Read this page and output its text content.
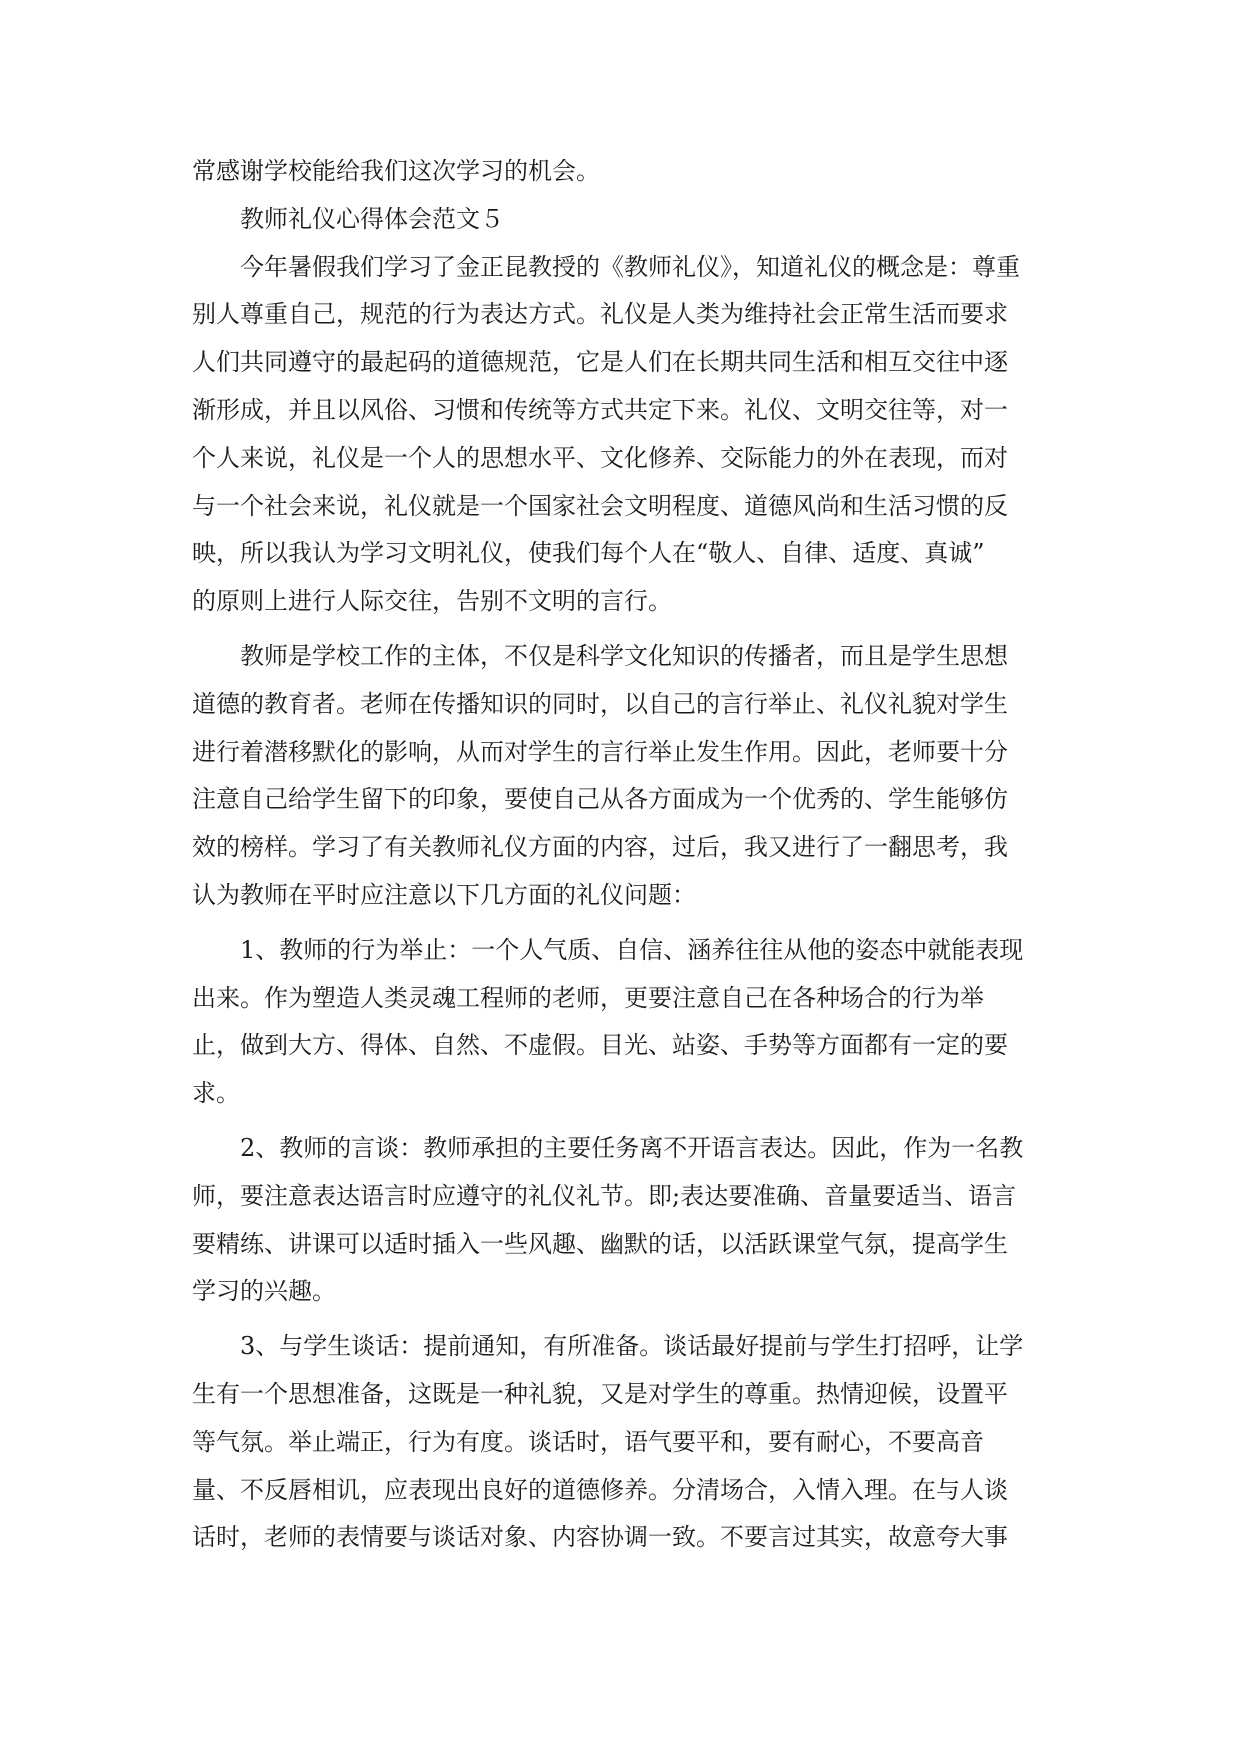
常感谢学校能给我们这次学习的机会。

教师礼仪心得体会范文５

今年暑假我们学习了金正昆教授的《教师礼仪》，知道礼仪的概念是：尊重
别人尊重自己，规范的行为表达方式。礼仪是人类为维持社会正常生活而要求
人们共同遵守的最起码的道德规范，它是人们在长期共同生活和相互交往中逐
渐形成，并且以风俗、习惯和传统等方式共定下来。礼仪、文明交往等，对一
个人来说，礼仪是一个人的思想水平、文化修养、交际能力的外在表现，而对
与一个社会来说，礼仪就是一个国家社会文明程度、道德风尚和生活习惯的反
映，所以我认为学习文明礼仪，使我们每个人在“敬人、自律、适度、真诚”
的原则上进行人际交往，告别不文明的言行。

教师是学校工作的主体，不仅是科学文化知识的传播者，而且是学生思想
道德的教育者。老师在传播知识的同时，以自己的言行举止、礼仪礼貌对学生
进行着潜移默化的影响，从而对学生的言行举止发生作用。因此，老师要十分
注意自己给学生留下的印象，要使自己从各方面成为一个优秀的、学生能够仿
效的榜样。学习了有关教师礼仪方面的内容，过后，我又进行了一翻思考，我
认为教师在平时应注意以下几方面的礼仪问题：

1、教师的行为举止：一个人气质、自信、涵养往往从他的姿态中就能表现
出来。作为塑造人类灵魂工程师的老师，更要注意自己在各种场合的行为举
止，做到大方、得体、自然、不虚假。目光、站姿、手势等方面都有一定的要
求。

2、教师的言谈：教师承担的主要任务离不开语言表达。因此，作为一名教
师，要注意表达语言时应遵守的礼仪礼节。即;表达要准确、音量要适当、语言
要精练、讲课可以适时插入一些风趣、幽默的话，以活跃课堂气氛，提高学生
学习的兴趣。

3、与学生谈话：提前通知，有所准备。谈话最好提前与学生打招呼，让学
生有一个思想准备，这既是一种礼貌，又是对学生的尊重。热情迎候，设置平
等气氛。举止端正，行为有度。谈话时，语气要平和，要有耐心，不要高音
量、不反唇相讥，应表现出良好的道德修养。分清场合，入情入理。在与人谈
话时，老师的表情要与谈话对象、内容协调一致。不要言过其实，故意夸大事
